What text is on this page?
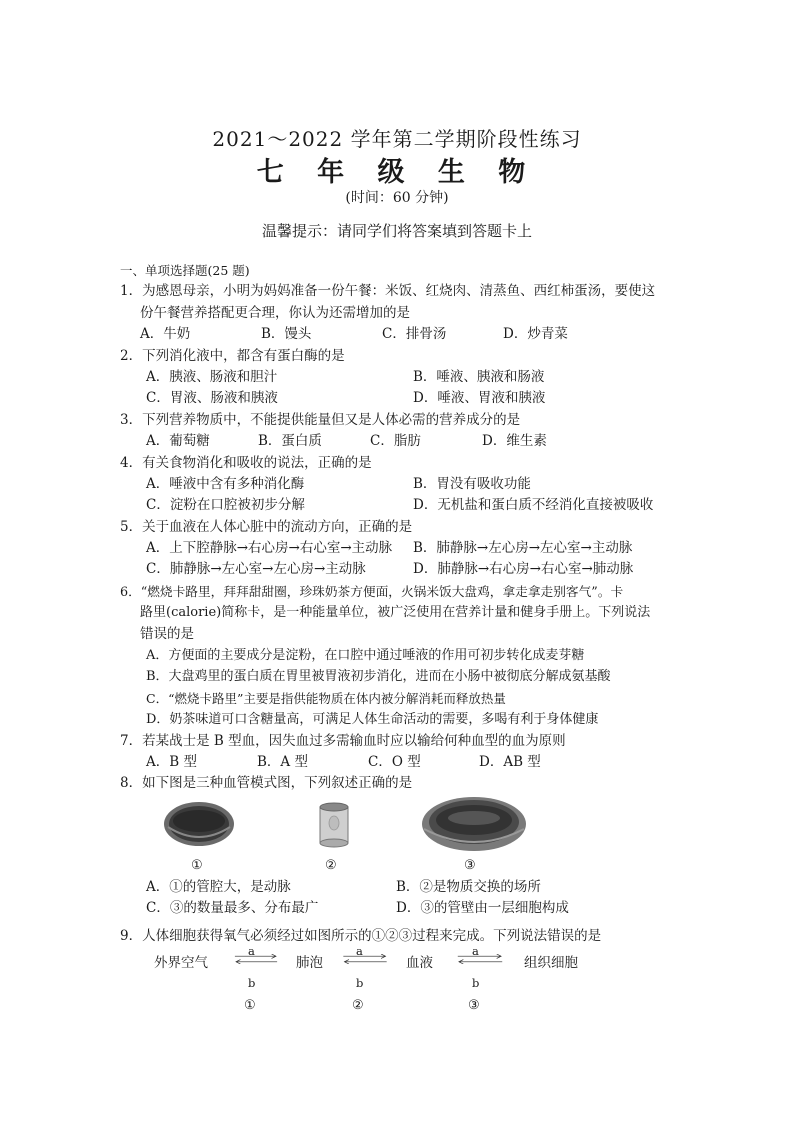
2021～2022 学年第二学期阶段性练习
七 年 级 生 物
(时间：60 分钟)
温馨提示：请同学们将答案填到答题卡上
一、单项选择题(25 题)
1．为感恩母亲，小明为妈妈准备一份午餐：米饭、红烧肉、清蒸鱼、西红柿蛋汤，要使这
份午餐营养搭配更合理，你认为还需增加的是
A．牛奶	B．馒头	C．排骨汤	D．炒青菜
2．下列消化液中，都含有蛋白酶的是
A．胰液、肠液和胆汁	B．唾液、胰液和肠液
C．胃液、肠液和胰液	D．唾液、胃液和胰液
3．下列营养物质中，不能提供能量但又是人体必需的营养成分的是
A．葡萄糖	B．蛋白质	C．脂肪	D．维生素
4．有关食物消化和吸收的说法，正确的是
A．唾液中含有多种消化酶	B．胃没有吸收功能
C．淀粉在口腔被初步分解	D．无机盐和蛋白质不经消化直接被吸收
5．关于血液在人体心脏中的流动方向，正确的是
A．上下腔静脉→右心房→右心室→主动脉	B．肺静脉→左心房→左心室→主动脉
C．肺静脉→左心室→左心房→主动脉	D．肺静脉→右心房→右心室→肺动脉
6．“燃烧卡路里，拜拜甜甜圈，珍珠奶茶方便面，火锅米饭大盘鸡，拿走拿走别客气”。卡
路里(calorie)简称卡，是一种能量单位，被广泛使用在营养计量和健身手册上。下列说法
错误的是
A．方便面的主要成分是淀粉，在口腔中通过唾液的作用可初步转化成麦芽糖
B．大盘鸡里的蛋白质在胃里被胃液初步消化，进而在小肠中被彻底分解成氨基酸
C．“燃烧卡路里”主要是指供能物质在体内被分解消耗而释放热量
D．奶茶味道可口含糖量高，可满足人体生命活动的需要，多喝有利于身体健康
7．若某战士是 B 型血，因失血过多需输血时应以输给何种血型的血为原则
A．B 型	B．A 型	C．O 型	D．AB 型
8．如下图是三种血管模式图，下列叙述正确的是
①	②	③
A．①的管腔大，是动脉	B．②是物质交换的场所
C．③的数量最多、分布最广	D．③的管壁由一层细胞构成
9．人体细胞获得氧气必须经过如图所示的①②③过程来完成。下列说法错误的是
外界空气	肺泡	血液	组织细胞
a
b
①
a
b
②
a
b
③
